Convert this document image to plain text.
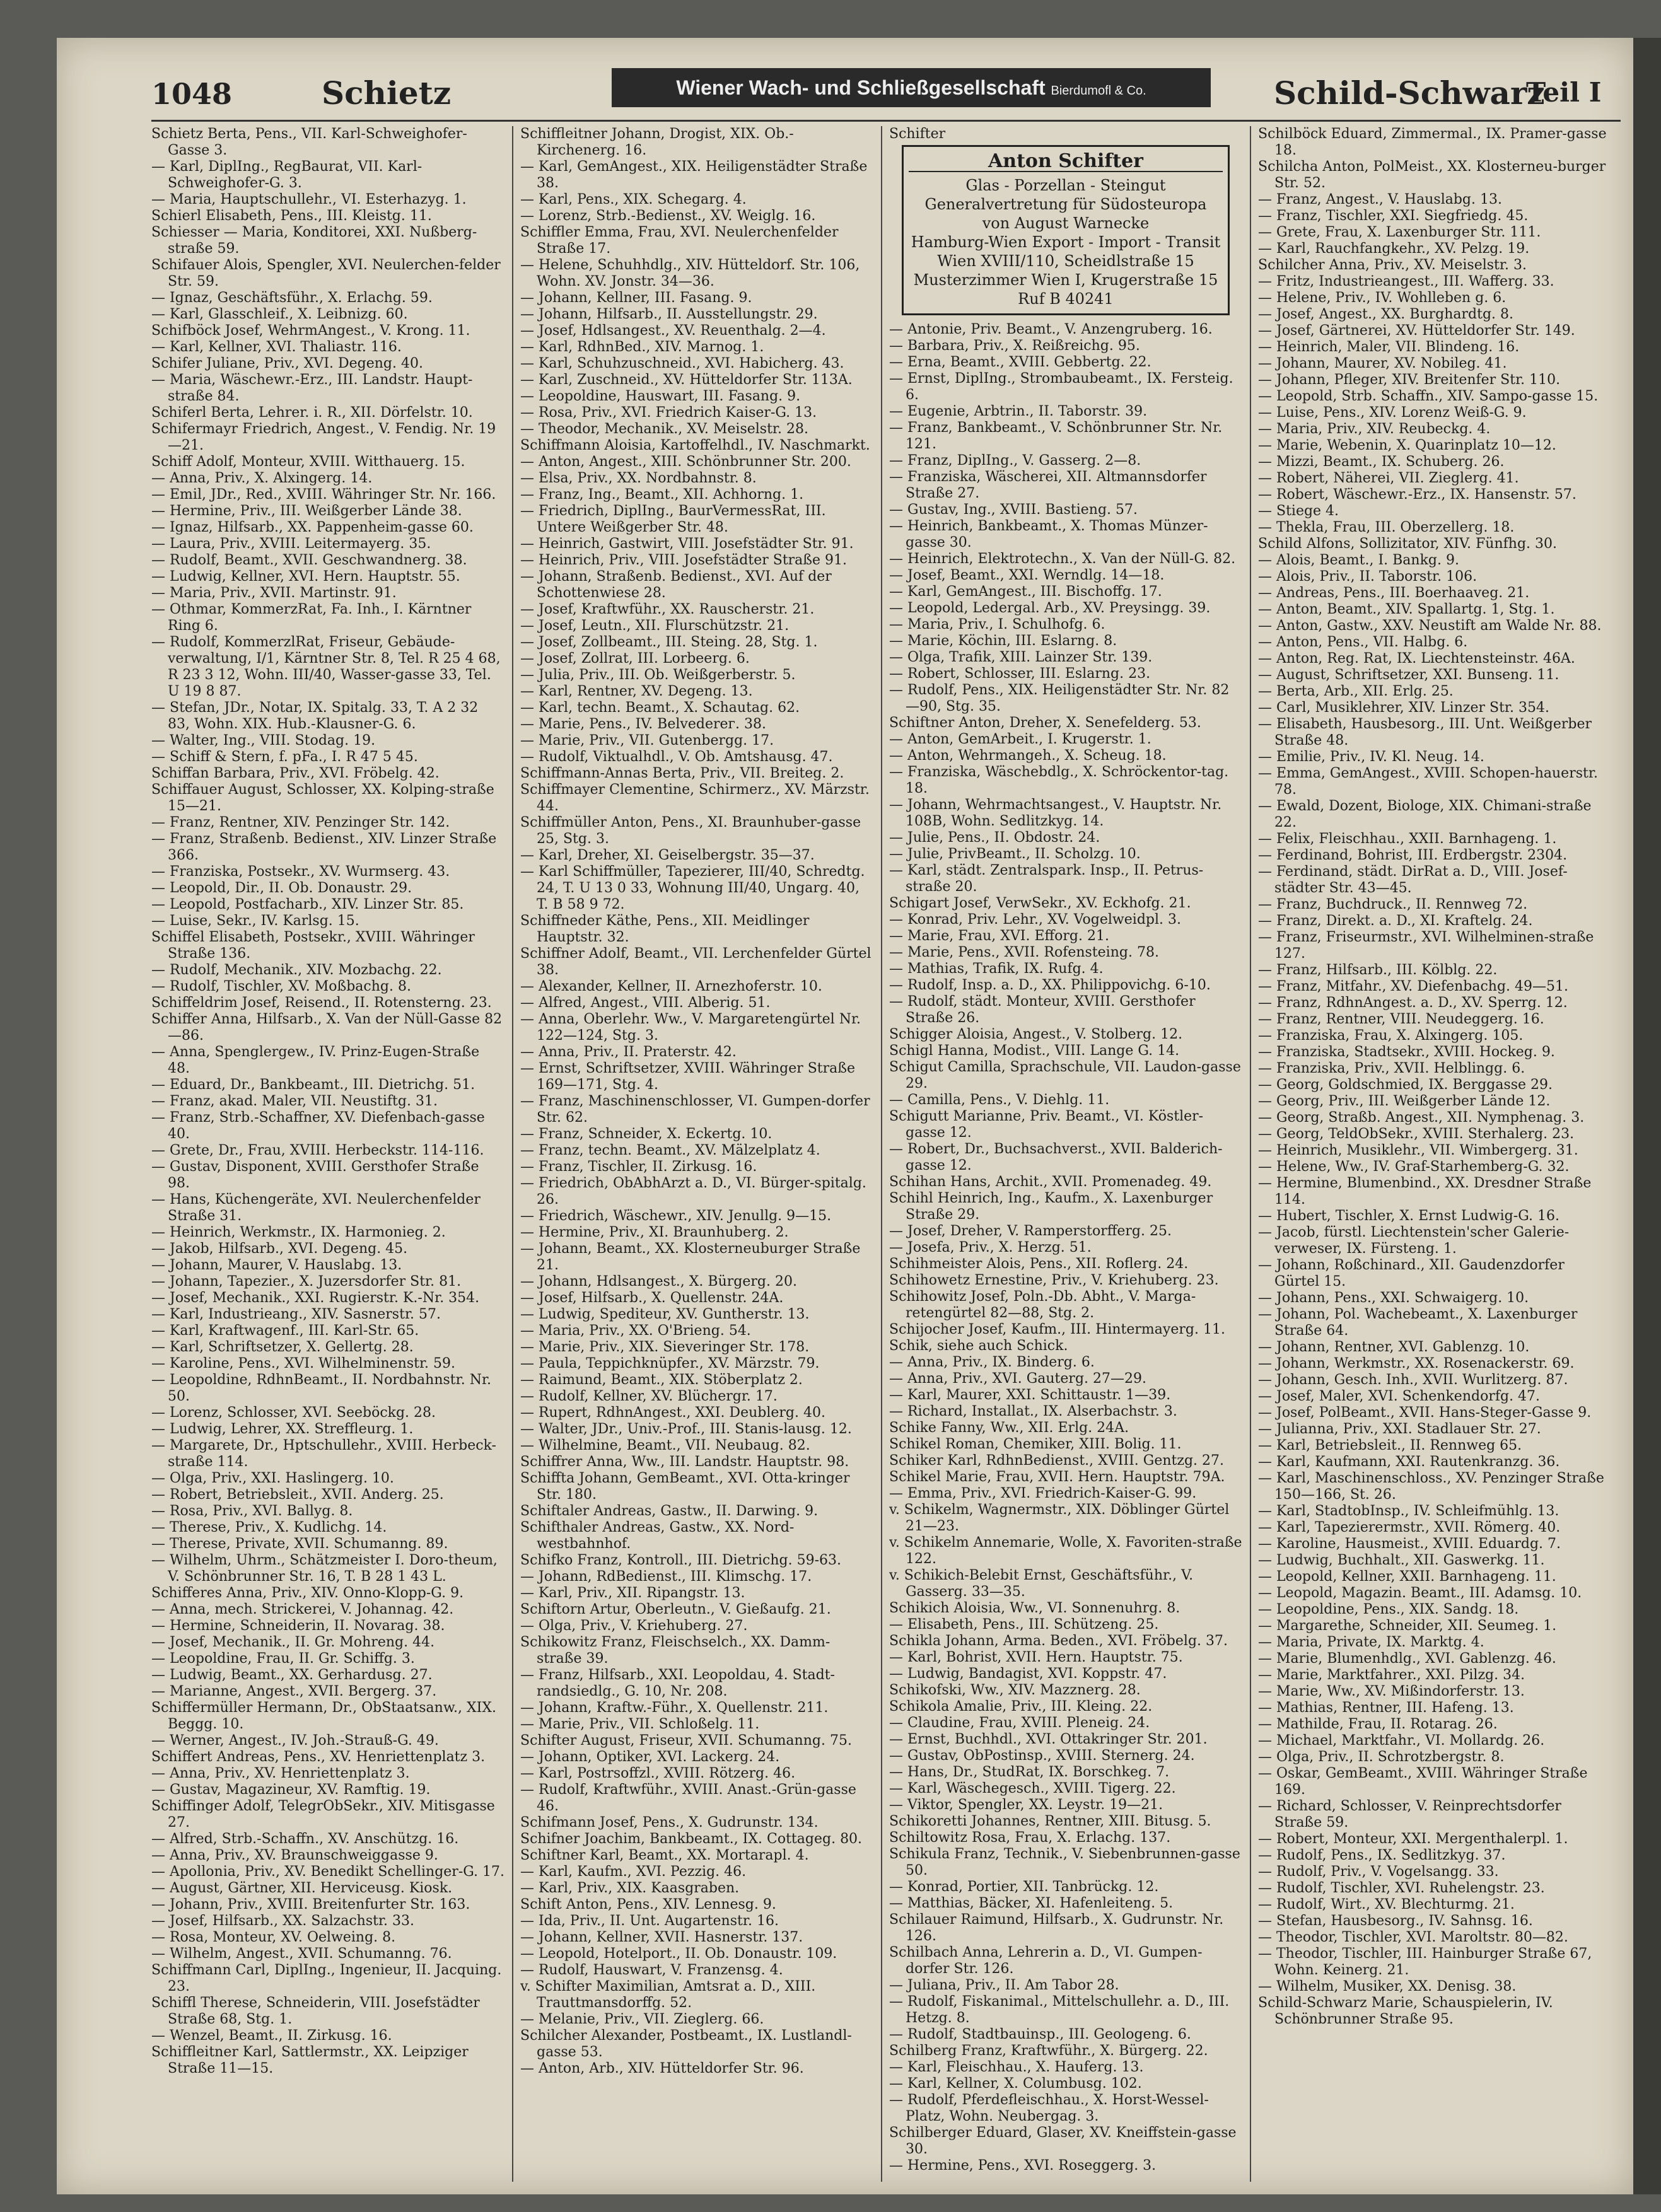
1048	Schietz	Wiener Wach- und Schließgesellschaft Bierdumofl & Co.	Schild-Schwarz
Teil I
Schietz Berta, Pens., VII. Karl-Schweighofer-Gasse 3.
— Karl, DiplIng., RegBaurat, VII. Karl-Schweighofer-G. 3.
— Maria, Hauptschullehr., VI. Esterhazyg. 1.
Schierl Elisabeth, Pens., III. Kleistg. 11.
Schiesser — Maria, Konditorei, XXI. Nußberg-straße 59.
Schifauer Alois, Spengler, XVI. Neulerchen-felder Str. 59.
— Ignaz, Geschäftsführ., X. Erlachg. 59.
— Karl, Glasschleif., X. Leibnizg. 60.
Schifböck Josef, WehrmAngest., V. Krong. 11.
— Karl, Kellner, XVI. Thaliastr. 116.
Schifer Juliane, Priv., XVI. Degeng. 40.
— Maria, Wäschewr.-Erz., III. Landstr. Haupt-straße 84.
Schiferl Berta, Lehrer. i. R., XII. Dörfelstr. 10.
Schifermayr Friedrich, Angest., V. Fendig. Nr. 19—21.
Schiff Adolf, Monteur, XVIII. Witthauerg. 15.
— Anna, Priv., X. Alxingerg. 14.
— Emil, JDr., Red., XVIII. Währinger Str. Nr. 166.
— Hermine, Priv., III. Weißgerber Lände 38.
— Ignaz, Hilfsarb., XX. Pappenheim-gasse 60.
— Laura, Priv., XVIII. Leitermayerg. 35.
— Rudolf, Beamt., XVII. Geschwandnerg. 38.
— Ludwig, Kellner, XVI. Hern. Hauptstr. 55.
— Maria, Priv., XVII. Martinstr. 91.
— Othmar, KommerzRat, Fa. Inh., I. Kärntner Ring 6.
— Rudolf, KommerzlRat, Friseur, Gebäude-verwaltung, I/1, Kärntner Str. 8, Tel. R 25 4 68, R 23 3 12, Wohn. III/40, Wasser-gasse 33, Tel. U 19 8 87.
— Stefan, JDr., Notar, IX. Spitalg. 33, T. A 2 32 83, Wohn. XIX. Hub.-Klausner-G. 6.
— Walter, Ing., VIII. Stodag. 19.
— Schiff & Stern, f. pFa., I. R 47 5 45.
Schiffan Barbara, Priv., XVI. Fröbelg. 42.
Schiffauer August, Schlosser, XX. Kolping-straße 15—21.
— Franz, Rentner, XIV. Penzinger Str. 142.
— Franz, Straßenb. Bedienst., XIV. Linzer Straße 366.
— Franziska, Postsekr., XV. Wurmserg. 43.
— Leopold, Dir., II. Ob. Donaustr. 29.
— Leopold, Postfacharb., XIV. Linzer Str. 85.
— Luise, Sekr., IV. Karlsg. 15.
Schiffel Elisabeth, Postsekr., XVIII. Währinger Straße 136.
— Rudolf, Mechanik., XIV. Mozbachg. 22.
— Rudolf, Tischler, XV. Moßbachg. 8.
Schiffeldrim Josef, Reisend., II. Rotensterng. 23.
Schiffer Anna, Hilfsarb., X. Van der Nüll-Gasse 82—86.
— Anna, Spenglergew., IV. Prinz-Eugen-Straße 48.
— Eduard, Dr., Bankbeamt., III. Dietrichg. 51.
— Franz, akad. Maler, VII. Neustiftg. 31.
— Franz, Strb.-Schaffner, XV. Diefenbach-gasse 40.
— Grete, Dr., Frau, XVIII. Herbeckstr. 114-116.
— Gustav, Disponent, XVIII. Gersthofer Straße 98.
— Hans, Küchengeräte, XVI. Neulerchenfelder Straße 31.
— Heinrich, Werkmstr., IX. Harmonieg. 2.
— Jakob, Hilfsarb., XVI. Degeng. 45.
— Johann, Maurer, V. Hauslabg. 13.
— Johann, Tapezier., X. Juzersdorfer Str. 81.
— Josef, Mechanik., XXI. Rugierstr. K.-Nr. 354.
— Karl, Industrieang., XIV. Sasnerstr. 57.
— Karl, Kraftwagenf., III. Karl-Str. 65.
— Karl, Schriftsetzer, X. Gellertg. 28.
— Karoline, Pens., XVI. Wilhelminenstr. 59.
— Leopoldine, RdhnBeamt., II. Nordbahnstr. Nr. 50.
— Lorenz, Schlosser, XVI. Seeböckg. 28.
— Ludwig, Lehrer, XX. Streffleurg. 1.
— Margarete, Dr., Hptschullehr., XVIII. Herbeck-straße 114.
— Olga, Priv., XXI. Haslingerg. 10.
— Robert, Betriebsleit., XVII. Anderg. 25.
— Rosa, Priv., XVI. Ballyg. 8.
— Therese, Priv., X. Kudlichg. 14.
— Therese, Private, XVII. Schumanng. 89.
— Wilhelm, Uhrm., Schätzmeister I. Doro-theum, V. Schönbrunner Str. 16, T. B 28 1 43 L.
Schifferes Anna, Priv., XIV. Onno-Klopp-G. 9.
— Anna, mech. Strickerei, V. Johannag. 42.
— Hermine, Schneiderin, II. Novarag. 38.
— Josef, Mechanik., II. Gr. Mohreng. 44.
— Leopoldine, Frau, II. Gr. Schiffg. 3.
— Ludwig, Beamt., XX. Gerhardusg. 27.
— Marianne, Angest., XVII. Bergerg. 37.
Schiffermüller Hermann, Dr., ObStaatsanw., XIX. Beggg. 10.
— Werner, Angest., IV. Joh.-Strauß-G. 49.
Schiffert Andreas, Pens., XV. Henriettenplatz 3.
— Anna, Priv., XV. Henriettenplatz 3.
— Gustav, Magazineur, XV. Ramftig. 19.
Schiffinger Adolf, TelegrObSekr., XIV. Mitisgasse 27.
— Alfred, Strb.-Schaffn., XV. Anschützg. 16.
— Anna, Priv., XV. Braunschweiggasse 9.
— Apollonia, Priv., XV. Benedikt Schellinger-G. 17.
— August, Gärtner, XII. Herviceusg. Kiosk.
— Johann, Priv., XVIII. Breitenfurter Str. 163.
— Josef, Hilfsarb., XX. Salzachstr. 33.
— Rosa, Monteur, XV. Oelweing. 8.
— Wilhelm, Angest., XVII. Schumanng. 76.
Schiffmann Carl, DiplIng., Ingenieur, II. Jacquing. 23.
Schiffl Therese, Schneiderin, VIII. Josefstädter Straße 68, Stg. 1.
— Wenzel, Beamt., II. Zirkusg. 16.
Schiffleitner Karl, Sattlermstr., XX. Leipziger Straße 11—15.
Schiffleitner Johann, Drogist, XIX. Ob.-Kirchenerg. 16.
— Karl, GemAngest., XIX. Heiligenstädter Straße 38.
— Karl, Pens., XIX. Schegarg. 4.
— Lorenz, Strb.-Bedienst., XV. Weiglg. 16.
Schiffler Emma, Frau, XVI. Neulerchenfelder Straße 17.
— Helene, Schuhhdlg., XIV. Hütteldorf. Str. 106, Wohn. XV. Jonstr. 34—36.
— Johann, Kellner, III. Fasang. 9.
— Johann, Hilfsarb., II. Ausstellungstr. 29.
— Josef, Hdlsangest., XV. Reuenthalg. 2—4.
— Karl, RdhnBed., XIV. Marnog. 1.
— Karl, Schuhzuschneid., XVI. Habicherg. 43.
— Karl, Zuschneid., XV. Hütteldorfer Str. 113A.
— Leopoldine, Hauswart, III. Fasang. 9.
— Rosa, Priv., XVI. Friedrich Kaiser-G. 13.
— Theodor, Mechanik., XV. Meiselstr. 28.
Schiffmann Aloisia, Kartoffelhdl., IV. Naschmarkt.
— Anton, Angest., XIII. Schönbrunner Str. 200.
— Elsa, Priv., XX. Nordbahnstr. 8.
— Franz, Ing., Beamt., XII. Achhorng. 1.
— Friedrich, DiplIng., BaurVermessRat, III. Untere Weißgerber Str. 48.
— Heinrich, Gastwirt, VIII. Josefstädter Str. 91.
— Heinrich, Priv., VIII. Josefstädter Straße 91.
— Johann, Straßenb. Bedienst., XVI. Auf der Schottenwiese 28.
— Josef, Kraftwführ., XX. Rauscherstr. 21.
— Josef, Leutn., XII. Flurschützstr. 21.
— Josef, Zollbeamt., III. Steing. 28, Stg. 1.
— Josef, Zollrat, III. Lorbeerg. 6.
— Julia, Priv., III. Ob. Weißgerberstr. 5.
— Karl, Rentner, XV. Degeng. 13.
— Karl, techn. Beamt., X. Schautag. 62.
— Marie, Pens., IV. Belvederег. 38.
— Marie, Priv., VII. Gutenbergg. 17.
— Rudolf, Viktualhdl., V. Ob. Amtshausg. 47.
Schiffmann-Annas Berta, Priv., VII. Breiteg. 2.
Schiffmayer Clementine, Schirmerz., XV. Märzstr. 44.
Schiffmüller Anton, Pens., XI. Braunhuber-gasse 25, Stg. 3.
— Karl, Dreher, XI. Geiselbergstr. 35—37.
— Karl Schiffmüller, Tapezierer, III/40, Schredtg. 24, T. U 13 0 33, Wohnung III/40, Ungarg. 40, T. B 58 9 72.
Schiffneder Käthe, Pens., XII. Meidlinger Hauptstr. 32.
Schiffner Adolf, Beamt., VII. Lerchenfelder Gürtel 38.
— Alexander, Kellner, II. Arnezhoferstr. 10.
— Alfred, Angest., VIII. Alberig. 51.
— Anna, Oberlehr. Ww., V. Margaretengürtel Nr. 122—124, Stg. 3.
— Anna, Priv., II. Praterstr. 42.
— Ernst, Schriftsetzer, XVIII. Währinger Straße 169—171, Stg. 4.
— Franz, Maschinenschlosser, VI. Gumpen-dorfer Str. 62.
— Franz, Schneider, X. Eckertg. 10.
— Franz, techn. Beamt., XV. Mälzelplatz 4.
— Franz, Tischler, II. Zirkusg. 16.
— Friedrich, ObAbhArzt a. D., VI. Bürger-spitalg. 26.
— Friedrich, Wäschewr., XIV. Jenullg. 9—15.
— Hermine, Priv., XI. Braunhuberg. 2.
— Johann, Beamt., XX. Klosterneuburger Straße 21.
— Johann, Hdlsangest., X. Bürgerg. 20.
— Josef, Hilfsarb., X. Quellenstr. 24A.
— Ludwig, Spediteur, XV. Guntherstr. 13.
— Maria, Priv., XX. O'Brieng. 54.
— Marie, Priv., XIX. Sieveringer Str. 178.
— Paula, Teppichknüpfer., XV. Märzstr. 79.
— Raimund, Beamt., XIX. Stöberplatz 2.
— Rudolf, Kellner, XV. Blüchergr. 17.
— Rupert, RdhnAngest., XXI. Deublerg. 40.
— Walter, JDr., Univ.-Prof., III. Stanis-lausg. 12.
— Wilhelmine, Beamt., VII. Neubaug. 82.
Schiffrer Anna, Ww., III. Landstr. Hauptstr. 98.
Schiffta Johann, GemBeamt., XVI. Otta-kringer Str. 180.
Schiftaler Andreas, Gastw., II. Darwing. 9.
Schifthaler Andreas, Gastw., XX. Nord-westbahnhof.
Schifko Franz, Kontroll., III. Dietrichg. 59-63.
— Johann, RdBedienst., III. Klimschg. 17.
— Karl, Priv., XII. Ripangstr. 13.
Schiftorn Artur, Oberleutn., V. Gießaufg. 21.
— Olga, Priv., V. Kriehuberg. 27.
Schikowitz Franz, Fleischselch., XX. Damm-straße 39.
— Franz, Hilfsarb., XXI. Leopoldau, 4. Stadt-randsiedlg., G. 10, Nr. 208.
— Johann, Kraftw.-Führ., X. Quellenstr. 211.
— Marie, Priv., VII. Schloßelg. 11.
Schifter August, Friseur, XVII. Schumanng. 75.
— Johann, Optiker, XVI. Lackerg. 24.
— Karl, Postrsoffzl., XVIII. Rötzerg. 46.
— Rudolf, Kraftwführ., XVIII. Anast.-Grün-gasse 46.
Schifmann Josef, Pens., X. Gudrunstr. 134.
Schifner Joachim, Bankbeamt., IX. Cottageg. 80.
Schiftner Karl, Beamt., XX. Mortarapl. 4.
— Karl, Kaufm., XVI. Pezzig. 46.
— Karl, Priv., XIX. Kaasgraben.
Schift Anton, Pens., XIV. Lennesg. 9.
— Ida, Priv., II. Unt. Augartenstr. 16.
— Johann, Kellner, XVII. Hasnerstr. 137.
— Leopold, Hotelport., II. Ob. Donaustr. 109.
— Rudolf, Hauswart, V. Franzensg. 4.
v. Schifter Maximilian, Amtsrat a. D., XIII. Trauttmansdorffg. 52.
— Melanie, Priv., VII. Zieglerg. 66.
Schilcher Alexander, Postbeamt., IX. Lustlandl-gasse 53.
— Anton, Arb., XIV. Hütteldorfer Str. 96.
Schifter
Anton Schifter
Glas - Porzellan - Steingut
Generalvertretung für Südosteuropa
von August Warnecke
Hamburg-Wien Export - Import - Transit
Wien XVIII/110, Scheidlstraße 15
Musterzimmer Wien I, Krugerstraße 15
Ruf B 40241
— Antonie, Priv. Beamt., V. Anzengruberg. 16.
— Barbara, Priv., X. Reißreichg. 95.
— Erna, Beamt., XVIII. Gebbertg. 22.
— Ernst, DiplIng., Strombaubeamt., IX. Fersteig. 6.
— Eugenie, Arbtrin., II. Taborstr. 39.
— Franz, Bankbeamt., V. Schönbrunner Str. Nr. 121.
— Franz, DiplIng., V. Gasserg. 2—8.
— Franziska, Wäscherei, XII. Altmannsdorfer Straße 27.
— Gustav, Ing., XVIII. Bastieng. 57.
— Heinrich, Bankbeamt., X. Thomas Münzer-gasse 30.
— Heinrich, Elektrotechn., X. Van der Nüll-G. 82.
— Josef, Beamt., XXI. Werndlg. 14—18.
— Karl, GemAngest., III. Bischoffg. 17.
— Leopold, Ledergal. Arb., XV. Preysingg. 39.
— Maria, Priv., I. Schulhofg. 6.
— Marie, Köchin, III. Eslarng. 8.
— Olga, Trafik, XIII. Lainzer Str. 139.
— Robert, Schlosser, III. Eslarng. 23.
— Rudolf, Pens., XIX. Heiligenstädter Str. Nr. 82—90, Stg. 35.
Schiftner Anton, Dreher, X. Senefelderg. 53.
— Anton, GemArbeit., I. Krugerstr. 1.
— Anton, Wehrmangeh., X. Scheug. 18.
— Franziska, Wäschebdlg., X. Schröckentor-tag. 18.
— Johann, Wehrmachtsangest., V. Hauptstr. Nr. 108B, Wohn. Sedlitzkyg. 14.
— Julie, Pens., II. Obdostr. 24.
— Julie, PrivBeamt., II. Scholzg. 10.
— Karl, städt. Zentralspark. Insp., II. Petrus-straße 20.
Schigart Josef, VerwSekr., XV. Eckhofg. 21.
— Konrad, Priv. Lehr., XV. Vogelweidpl. 3.
— Marie, Frau, XVI. Efforg. 21.
— Marie, Pens., XVII. Rofensteing. 78.
— Mathias, Trafik, IX. Rufg. 4.
— Rudolf, Insp. a. D., XX. Philippovichg. 6-10.
— Rudolf, städt. Monteur, XVIII. Gersthofer Straße 26.
Schigger Aloisia, Angest., V. Stolberg. 12.
Schigl Hanna, Modist., VIII. Lange G. 14.
Schigut Camilla, Sprachschule, VII. Laudon-gasse 29.
— Camilla, Pens., V. Diehlg. 11.
Schigutt Marianne, Priv. Beamt., VI. Köstler-gasse 12.
— Robert, Dr., Buchsachverst., XVII. Balderich-gasse 12.
Schihan Hans, Archit., XVII. Promenadeg. 49.
Schihl Heinrich, Ing., Kaufm., X. Laxenburger Straße 29.
— Josef, Dreher, V. Ramperstorfferg. 25.
— Josefa, Priv., X. Herzg. 51.
Schihmeister Alois, Pens., XII. Roflerg. 24.
Schihowetz Ernestine, Priv., V. Kriehuberg. 23.
Schihowitz Josef, Poln.-Db. Abht., V. Marga-retengürtel 82—88, Stg. 2.
Schijocher Josef, Kaufm., III. Hintermayerg. 11.
Schik, siehe auch Schick.
— Anna, Priv., IX. Binderg. 6.
— Anna, Priv., XVI. Gauterg. 27—29.
— Karl, Maurer, XXI. Schittaustr. 1—39.
— Richard, Installat., IX. Alserbachstr. 3.
Schike Fanny, Ww., XII. Erlg. 24A.
Schikel Roman, Chemiker, XIII. Bolig. 11.
Schiker Karl, RdhnBedienst., XVIII. Gentzg. 27.
Schikel Marie, Frau, XVII. Hern. Hauptstr. 79A.
— Emma, Priv., XVI. Friedrich-Kaiser-G. 99.
v. Schikelm, Wagnermstr., XIX. Döblinger Gürtel 21—23.
v. Schikelm Annemarie, Wolle, X. Favoriten-straße 122.
v. Schikich-Belebit Ernst, Geschäftsführ., V. Gasserg. 33—35.
Schikich Aloisia, Ww., VI. Sonnenuhrg. 8.
— Elisabeth, Pens., III. Schützeng. 25.
Schikla Johann, Arma. Beden., XVI. Fröbelg. 37.
— Karl, Bohrist, XVII. Hern. Hauptstr. 75.
— Ludwig, Bandagist, XVI. Koppstr. 47.
Schikofski, Ww., XIV. Mazznerg. 28.
Schikola Amalie, Priv., III. Kleing. 22.
— Claudine, Frau, XVIII. Pleneig. 24.
— Ernst, Buchhdl., XVI. Ottakringer Str. 201.
— Gustav, ObPostinsp., XVIII. Sternerg. 24.
— Hans, Dr., StudRat, IX. Borschkeg. 7.
— Karl, Wäschegesch., XVIII. Tigerg. 22.
— Viktor, Spengler, XX. Leystr. 19—21.
Schikoretti Johannes, Rentner, XIII. Bitusg. 5.
Schiltowitz Rosa, Frau, X. Erlachg. 137.
Schikula Franz, Technik., V. Siebenbrunnen-gasse 50.
— Konrad, Portier, XII. Tanbrückg. 12.
— Matthias, Bäcker, XI. Hafenleiteng. 5.
Schilauer Raimund, Hilfsarb., X. Gudrunstr. Nr. 126.
Schilbach Anna, Lehrerin a. D., VI. Gumpen-dorfer Str. 126.
— Juliana, Priv., II. Am Tabor 28.
— Rudolf, Fiskanimal., Mittelschullehr. a. D., III. Hetzg. 8.
— Rudolf, Stadtbauinsp., III. Geologeng. 6.
Schilberg Franz, Kraftwführ., X. Bürgerg. 22.
— Karl, Fleischhau., X. Hauferg. 13.
— Karl, Kellner, X. Columbusg. 102.
— Rudolf, Pferdefleischhau., X. Horst-Wessel-Platz, Wohn. Neubergag. 3.
Schilberger Eduard, Glaser, XV. Kneiffstein-gasse 30.
— Hermine, Pens., XVI. Roseggerg. 3.
Schilböck Eduard, Zimmermal., IX. Pramer-gasse 18.
Schilcha Anton, PolMeist., XX. Klosterneu-burger Str. 52.
— Franz, Angest., V. Hauslabg. 13.
— Franz, Tischler, XXI. Siegfriedg. 45.
— Grete, Frau, X. Laxenburger Str. 111.
— Karl, Rauchfangkehr., XV. Pelzg. 19.
Schilcher Anna, Priv., XV. Meiselstr. 3.
— Fritz, Industrieangest., III. Wafferg. 33.
— Helene, Priv., IV. Wohlleben g. 6.
— Josef, Angest., XX. Burghardtg. 8.
— Josef, Gärtnerei, XV. Hütteldorfer Str. 149.
— Heinrich, Maler, VII. Blindeng. 16.
— Johann, Maurer, XV. Nobileg. 41.
— Johann, Pfleger, XIV. Breitenfer Str. 110.
— Leopold, Strb. Schaffn., XIV. Sampo-gasse 15.
— Luise, Pens., XIV. Lorenz Weiß-G. 9.
— Maria, Priv., XIV. Reubeckg. 4.
— Marie, Webenin, X. Quarinplatz 10—12.
— Mizzi, Beamt., IX. Schuberg. 26.
— Robert, Näherei, VII. Zieglerg. 41.
— Robert, Wäschewr.-Erz., IX. Hansenstr. 57.
— Stiege 4.
— Thekla, Frau, III. Oberzellerg. 18.
Schild Alfons, Sollizitator, XIV. Fünfhg. 30.
— Alois, Beamt., I. Bankg. 9.
— Alois, Priv., II. Taborstr. 106.
— Andreas, Pens., III. Boerhaaveg. 21.
— Anton, Beamt., XIV. Spallartg. 1, Stg. 1.
— Anton, Gastw., XXV. Neustift am Walde Nr. 88.
— Anton, Pens., VII. Halbg. 6.
— Anton, Reg. Rat, IX. Liechtensteinstr. 46A.
— August, Schriftsetzer, XXI. Bunseng. 11.
— Berta, Arb., XII. Erlg. 25.
— Carl, Musiklehrer, XIV. Linzer Str. 354.
— Elisabeth, Hausbesorg., III. Unt. Weißgerber Straße 48.
— Emilie, Priv., IV. Kl. Neug. 14.
— Emma, GemAngest., XVIII. Schopen-hauerstr. 78.
— Ewald, Dozent, Biologe, XIX. Chimani-straße 22.
— Felix, Fleischhau., XXII. Barnhageng. 1.
— Ferdinand, Bohrist, III. Erdbergstr. 2304.
— Ferdinand, städt. DirRat a. D., VIII. Josef-städter Str. 43—45.
— Franz, Buchdruck., II. Rennweg 72.
— Franz, Direkt. a. D., XI. Kraftelg. 24.
— Franz, Friseurmstr., XVI. Wilhelminen-straße 127.
— Franz, Hilfsarb., III. Kölblg. 22.
— Franz, Mitfahr., XV. Diefenbachg. 49—51.
— Franz, RdhnAngest. a. D., XV. Sperrg. 12.
— Franz, Rentner, VIII. Neudeggerg. 16.
— Franziska, Frau, X. Alxingerg. 105.
— Franziska, Stadtsekr., XVIII. Hockeg. 9.
— Franziska, Priv., XVII. Helblingg. 6.
— Georg, Goldschmied, IX. Berggasse 29.
— Georg, Priv., III. Weißgerber Lände 12.
— Georg, Straßb. Angest., XII. Nymphenag. 3.
— Georg, TeldObSekr., XVIII. Sterhalerg. 23.
— Heinrich, Musiklehr., VII. Wimbergerg. 31.
— Helene, Ww., IV. Graf-Starhemberg-G. 32.
— Hermine, Blumenbind., XX. Dresdner Straße 114.
— Hubert, Tischler, X. Ernst Ludwig-G. 16.
— Jacob, fürstl. Liechtenstein'scher Galerie-verweser, IX. Fürsteng. 1.
— Johann, Roßchinard., XII. Gaudenzdorfer Gürtel 15.
— Johann, Pens., XXI. Schwaigerg. 10.
— Johann, Pol. Wachebeamt., X. Laxenburger Straße 64.
— Johann, Rentner, XVI. Gablenzg. 10.
— Johann, Werkmstr., XX. Rosenackerstr. 69.
— Johann, Gesch. Inh., XVII. Wurlitzerg. 87.
— Josef, Maler, XVI. Schenkendorfg. 47.
— Josef, PolBeamt., XVII. Hans-Steger-Gasse 9.
— Julianna, Priv., XXI. Stadlauer Str. 27.
— Karl, Betriebsleit., II. Rennweg 65.
— Karl, Kaufmann, XXI. Rautenkranzg. 36.
— Karl, Maschinenschloss., XV. Penzinger Straße 150—166, St. 26.
— Karl, StadtobInsp., IV. Schleifmühlg. 13.
— Karl, Tapezierermstr., XVII. Römerg. 40.
— Karoline, Hausmeist., XVIII. Eduardg. 7.
— Ludwig, Buchhalt., XII. Gaswerkg. 11.
— Leopold, Kellner, XXII. Barnhageng. 11.
— Leopold, Magazin. Beamt., III. Adamsg. 10.
— Leopoldine, Pens., XIX. Sandg. 18.
— Margarethe, Schneider, XII. Seumeg. 1.
— Maria, Private, IX. Marktg. 4.
— Marie, Blumenhdlg., XVI. Gablenzg. 46.
— Marie, Marktfahrer., XXI. Pilzg. 34.
— Marie, Ww., XV. Mißindorferstr. 13.
— Mathias, Rentner, III. Hafeng. 13.
— Mathilde, Frau, II. Rotarag. 26.
— Michael, Marktfahr., VI. Mollardg. 26.
— Olga, Priv., II. Schrotzbergstr. 8.
— Oskar, GemBeamt., XVIII. Währinger Straße 169.
— Richard, Schlosser, V. Reinprechtsdorfer Straße 59.
— Robert, Monteur, XXI. Mergenthalerpl. 1.
— Rudolf, Pens., IX. Sedlitzkyg. 37.
— Rudolf, Priv., V. Vogelsangg. 33.
— Rudolf, Tischler, XVI. Ruhelengstr. 23.
— Rudolf, Wirt., XV. Blechturmg. 21.
— Stefan, Hausbesorg., IV. Sahnsg. 16.
— Theodor, Tischler, XVI. Maroltstr. 80—82.
— Theodor, Tischler, III. Hainburger Straße 67, Wohn. Keinerg. 21.
— Wilhelm, Musiker, XX. Denisg. 38.
Schild-Schwarz Marie, Schauspielerin, IV. Schönbrunner Straße 95.
